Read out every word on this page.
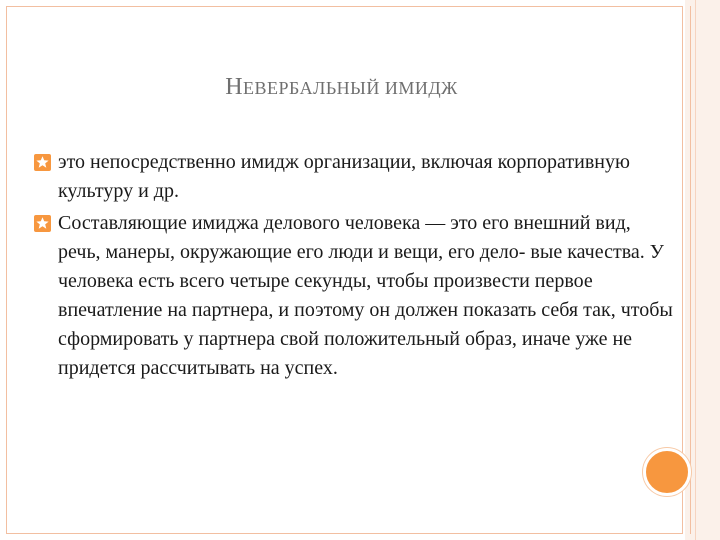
НЕВЕРБАЛЬНЫЙ ИМИДЖ
это непосредственно имидж организации, включая корпоративную культуру и др.
Составляющие имиджа делового человека — это его внешний вид, речь, манеры, окружающие его люди и вещи, его дело- вые качества. У человека есть всего четыре секунды, чтобы произвести первое впечатление на партнера, и поэтому он должен показать себя так, чтобы сформировать у партнера свой положительный образ, иначе уже не придется рассчитывать на успех.
